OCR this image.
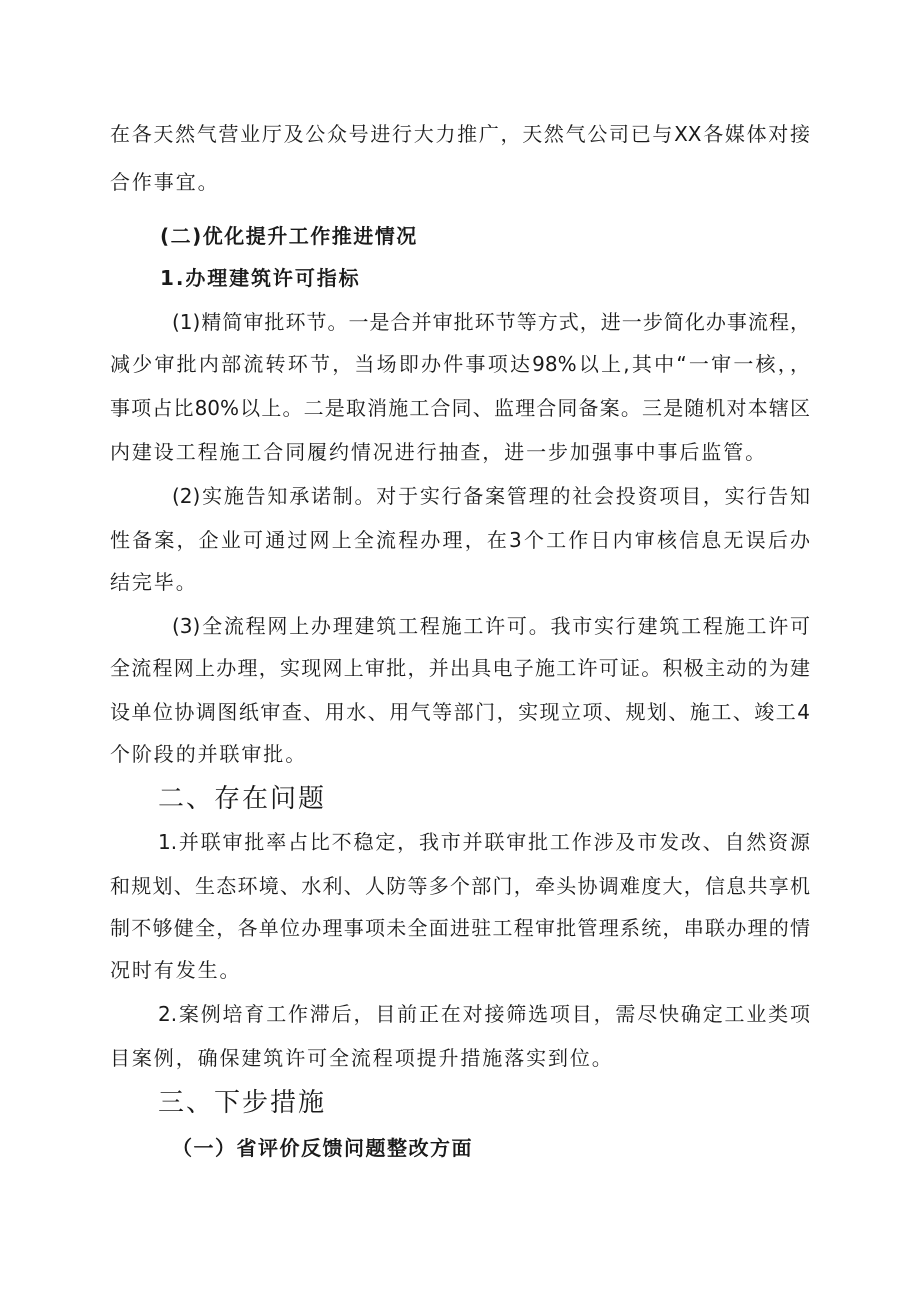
在各天然气营业厅及公众号进行大力推广，天然气公司已与XX各媒体对接

合作事宜。

(二)优化提升工作推进情况

1.办理建筑许可指标

(1)精简审批环节。一是合并审批环节等方式，进一步简化办事流程，

减少审批内部流转环节，当场即办件事项达98%以上,其中“一审一核，，

事项占比80%以上。二是取消施工合同、监理合同备案。三是随机对本辖区

内建设工程施工合同履约情况进行抽查，进一步加强事中事后监管。

(2)实施告知承诺制。对于实行备案管理的社会投资项目，实行告知

性备案，企业可通过网上全流程办理，在3个工作日内审核信息无误后办

结完毕。

(3)全流程网上办理建筑工程施工许可。我市实行建筑工程施工许可

全流程网上办理，实现网上审批，并出具电子施工许可证。积极主动的为建

设单位协调图纸审查、用水、用气等部门，实现立项、规划、施工、竣工4

个阶段的并联审批。

二、存在问题

1.并联审批率占比不稳定，我市并联审批工作涉及市发改、自然资源

和规划、生态环境、水利、人防等多个部门，牵头协调难度大，信息共享机

制不够健全，各单位办理事项未全面进驻工程审批管理系统，串联办理的情

况时有发生。

2.案例培育工作滞后，目前正在对接筛选项目，需尽快确定工业类项

目案例，确保建筑许可全流程项提升措施落实到位。

三、下步措施

（一）省评价反馈问题整改方面
